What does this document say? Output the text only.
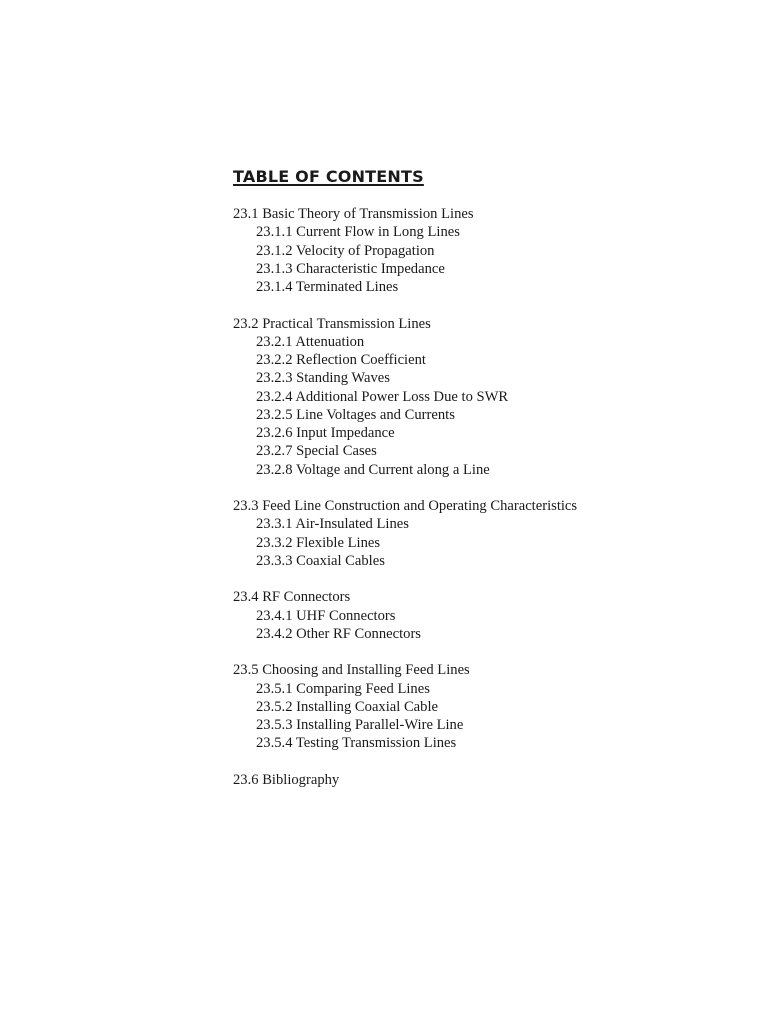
TABLE OF CONTENTS
23.1 Basic Theory of Transmission Lines
23.1.1 Current Flow in Long Lines
23.1.2 Velocity of Propagation
23.1.3 Characteristic Impedance
23.1.4 Terminated Lines
23.2 Practical Transmission Lines
23.2.1 Attenuation
23.2.2 Reflection Coefficient
23.2.3 Standing Waves
23.2.4 Additional Power Loss Due to SWR
23.2.5 Line Voltages and Currents
23.2.6 Input Impedance
23.2.7 Special Cases
23.2.8 Voltage and Current along a Line
23.3 Feed Line Construction and Operating Characteristics
23.3.1 Air-Insulated Lines
23.3.2 Flexible Lines
23.3.3 Coaxial Cables
23.4 RF Connectors
23.4.1 UHF Connectors
23.4.2 Other RF Connectors
23.5 Choosing and Installing Feed Lines
23.5.1 Comparing Feed Lines
23.5.2 Installing Coaxial Cable
23.5.3 Installing Parallel-Wire Line
23.5.4 Testing Transmission Lines
23.6 Bibliography
